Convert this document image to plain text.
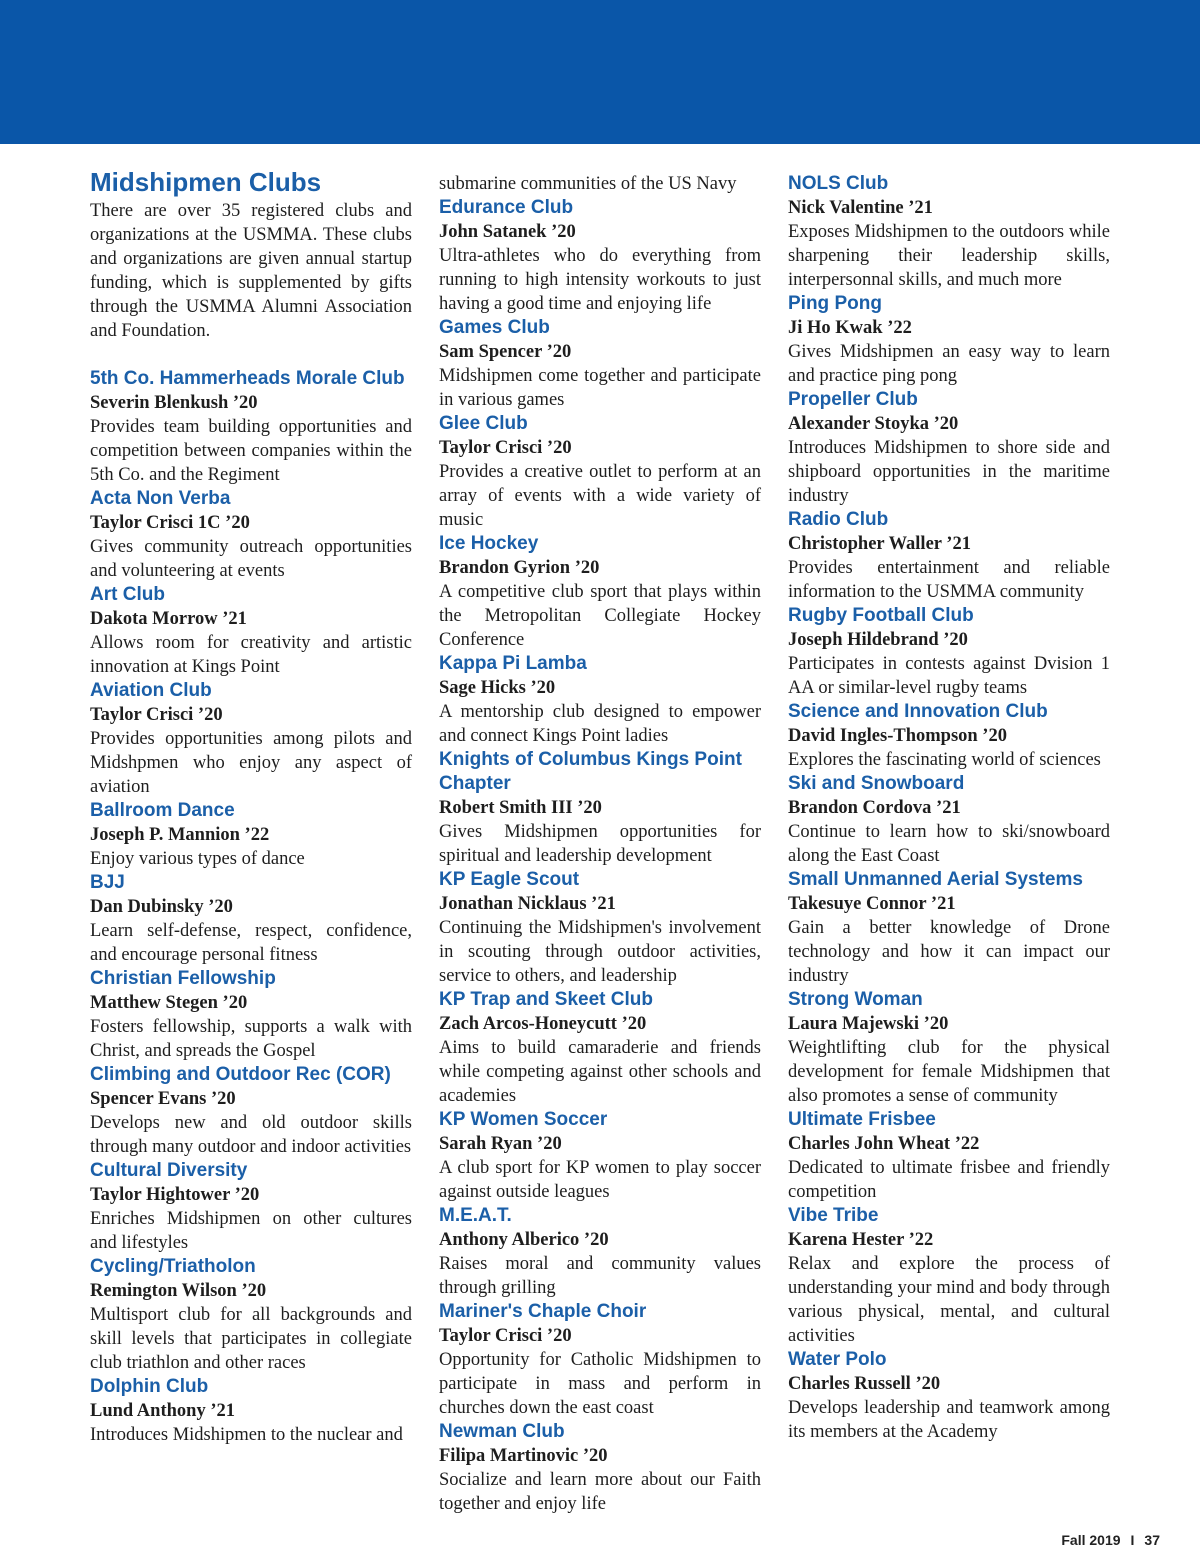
Midshipmen Clubs

There are over 35 registered clubs and organizations at the USMMA. These clubs and organizations are given annual startup funding, which is supplemented by gifts through the USMMA Alumni Association and Foundation.

5th Co. Hammerheads Morale Club

Severin Blenkush ’20

Provides team building opportunities and competition between companies within the 5th Co. and the Regiment

Acta Non Verba

Taylor Crisci 1C ’20

Gives community outreach opportunities and volunteering at events

Art Club

Dakota Morrow ’21

Allows room for creativity and artistic innovation at Kings Point

Aviation Club

Taylor Crisci ’20

Provides opportunities among pilots and Midshpmen who enjoy any aspect of aviation

Ballroom Dance

Joseph P. Mannion ’22

Enjoy various types of dance

BJJ

Dan Dubinsky ’20

Learn self-defense, respect, confidence, and encourage personal fitness

Christian Fellowship

Matthew Stegen ’20

Fosters fellowship, supports a walk with Christ, and spreads the Gospel

Climbing and Outdoor Rec (COR)

Spencer Evans ’20

Develops new and old outdoor skills through many outdoor and indoor activities

Cultural Diversity

Taylor Hightower ’20

Enriches Midshipmen on other cultures and lifestyles

Cycling/Triatholon

Remington Wilson ’20

Multisport club for all backgrounds and skill levels that participates in collegiate club triathlon and other races

Dolphin Club

Lund Anthony ’21

Introduces Midshipmen to the nuclear and

submarine communities of the US Navy

Edurance Club

John Satanek ’20

Ultra-athletes who do everything from running to high intensity workouts to just having a good time and enjoying life

Games Club

Sam Spencer ’20

Midshipmen come together and participate in various games

Glee Club

Taylor Crisci ’20

Provides a creative outlet to perform at an array of events with a wide variety of music

Ice Hockey

Brandon Gyrion ’20

A competitive club sport that plays within the Metropolitan Collegiate Hockey Conference

Kappa Pi Lamba

Sage Hicks ’20

A mentorship club designed to empower and connect Kings Point ladies

Knights of Columbus Kings Point Chapter

Robert Smith III ’20

Gives Midshipmen opportunities for spiritual and leadership development

KP Eagle Scout

Jonathan Nicklaus ’21

Continuing the Midshipmen's involvement in scouting through outdoor activities, service to others, and leadership

KP Trap and Skeet Club

Zach Arcos-Honeycutt ’20

Aims to build camaraderie and friends while competing against other schools and academies

KP Women Soccer

Sarah Ryan ’20

A club sport for KP women to play soccer against outside leagues

M.E.A.T.

Anthony Alberico ’20

Raises moral and community values through grilling

Mariner's Chaple Choir

Taylor Crisci ’20

Opportunity for Catholic Midshipmen to participate in mass and perform in churches down the east coast

Newman Club

Filipa Martinovic ’20

Socialize and learn more about our Faith together and enjoy life

NOLS Club

Nick Valentine ’21

Exposes Midshipmen to the outdoors while sharpening their leadership skills, interpersonnal skills, and much more

Ping Pong

Ji Ho Kwak ’22

Gives Midshipmen an easy way to learn and practice ping pong

Propeller Club

Alexander Stoyka ’20

Introduces Midshipmen to shore side and shipboard opportunities in the maritime industry

Radio Club

Christopher Waller ’21

Provides entertainment and reliable information to the USMMA community

Rugby Football Club

Joseph Hildebrand ’20

Participates in contests against Dvision 1 AA or similar-level rugby teams

Science and Innovation Club

David Ingles-Thompson ’20

Explores the fascinating world of sciences

Ski and Snowboard

Brandon Cordova ’21

Continue to learn how to ski/snowboard along the East Coast

Small Unmanned Aerial Systems

Takesuye Connor ’21

Gain a better knowledge of Drone technology and how it can impact our industry

Strong Woman

Laura Majewski ’20

Weightlifting club for the physical development for female Midshipmen that also promotes a sense of community

Ultimate Frisbee

Charles John Wheat ’22

Dedicated to ultimate frisbee and friendly competition

Vibe Tribe

Karena Hester ’22

Relax and explore the process of understanding your mind and body through various physical, mental, and cultural activities

Water Polo

Charles Russell ’20

Develops leadership and teamwork among its members at the Academy

Fall 2019 I 37
